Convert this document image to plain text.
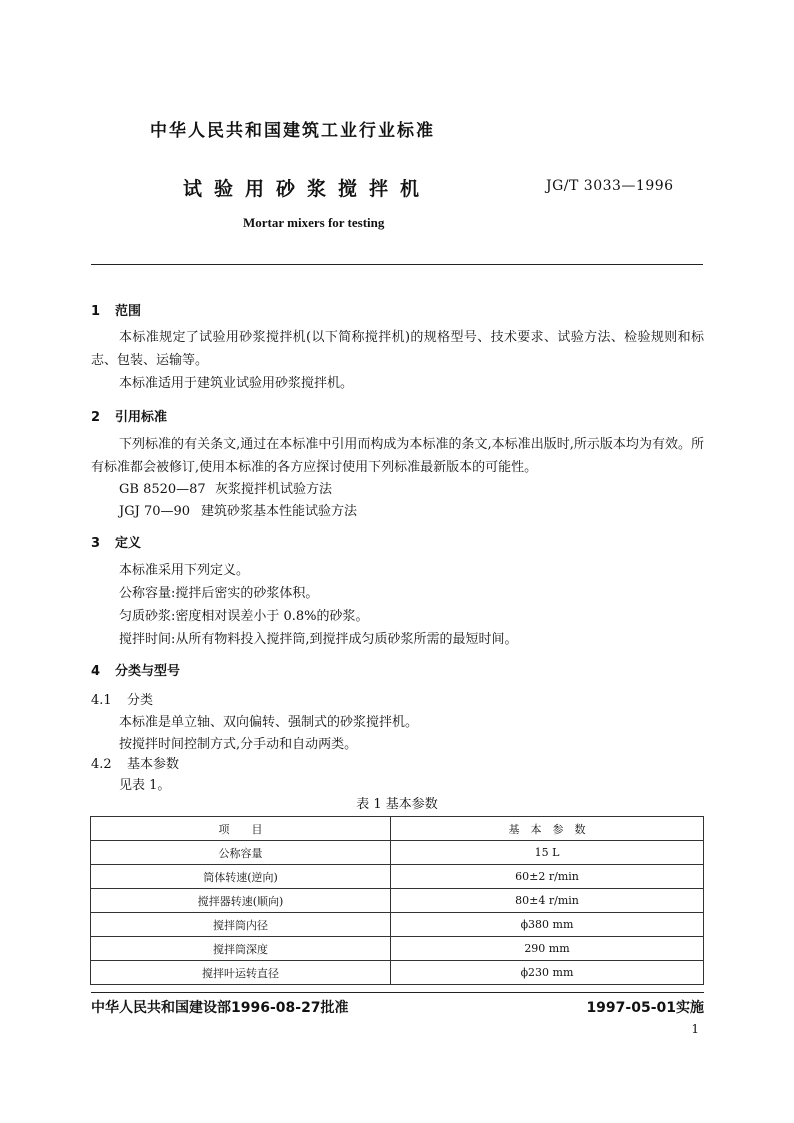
中华人民共和国建筑工业行业标准
试验用砂浆搅拌机	JG/T 3033—1996
Mortar mixers for testing
1 范围
本标准规定了试验用砂浆搅拌机(以下简称搅拌机)的规格型号、技术要求、试验方法、检验规则和标志、包装、运输等。
本标准适用于建筑业试验用砂浆搅拌机。
2 引用标准
下列标准的有关条文,通过在本标准中引用而构成为本标准的条文,本标准出版时,所示版本均为有效。所有标准都会被修订,使用本标准的各方应探讨使用下列标准最新版本的可能性。
GB 8520—87 灰浆搅拌机试验方法
JGJ 70—90 建筑砂浆基本性能试验方法
3 定义
本标准采用下列定义。
公称容量:搅拌后密实的砂浆体积。
匀质砂浆:密度相对误差小于 0.8%的砂浆。
搅拌时间:从所有物料投入搅拌筒,到搅拌成匀质砂浆所需的最短时间。
4 分类与型号
4.1 分类
本标准是单立轴、双向偏转、强制式的砂浆搅拌机。
按搅拌时间控制方式,分手动和自动两类。
4.2 基本参数
见表 1。
表 1 基本参数
项　　目	基　本　参　数
公称容量	15 L
筒体转速(逆向)	60±2 r/min
搅拌器转速(顺向)	80±4 r/min
搅拌筒内径	ϕ380 mm
搅拌筒深度	290 mm
搅拌叶运转直径	ϕ230 mm
中华人民共和国建设部1996-08-27批准	1997-05-01实施
1
